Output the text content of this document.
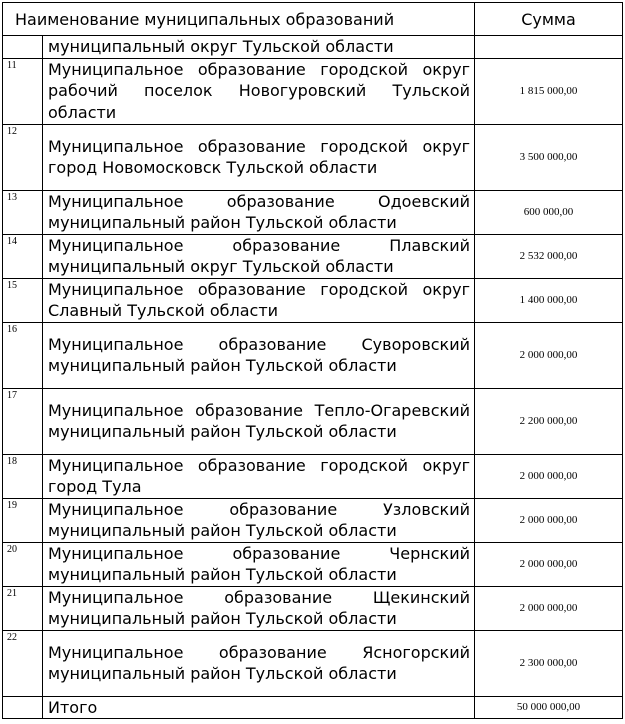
Наименование муниципальных образований		Сумма
	муниципальный округ Тульской области	
11	Муниципальное образование городской округ рабочий поселок Новогуровский Тульской области	1 815 000,00
12	Муниципальное образование городской округ город Новомосковск Тульской области	3 500 000,00
13	Муниципальное образование Одоевский муниципальный район Тульской области	600 000,00
14	Муниципальное образование Плавский муниципальный округ Тульской области	2 532 000,00
15	Муниципальное образование городской округ Славный Тульской области	1 400 000,00
16	Муниципальное образование Суворовский муниципальный район Тульской области	2 000 000,00
17	Муниципальное образование Тепло-Огаревский муниципальный район Тульской области	2 200 000,00
18	Муниципальное образование городской округ город Тула	2 000 000,00
19	Муниципальное образование Узловский муниципальный район Тульской области	2 000 000,00
20	Муниципальное образование Чернский муниципальный район Тульской области	2 000 000,00
21	Муниципальное образование Щекинский муниципальный район Тульской области	2 000 000,00
22	Муниципальное образование Ясногорский муниципальный район Тульской области	2 300 000,00
	Итого	50 000 000,00
